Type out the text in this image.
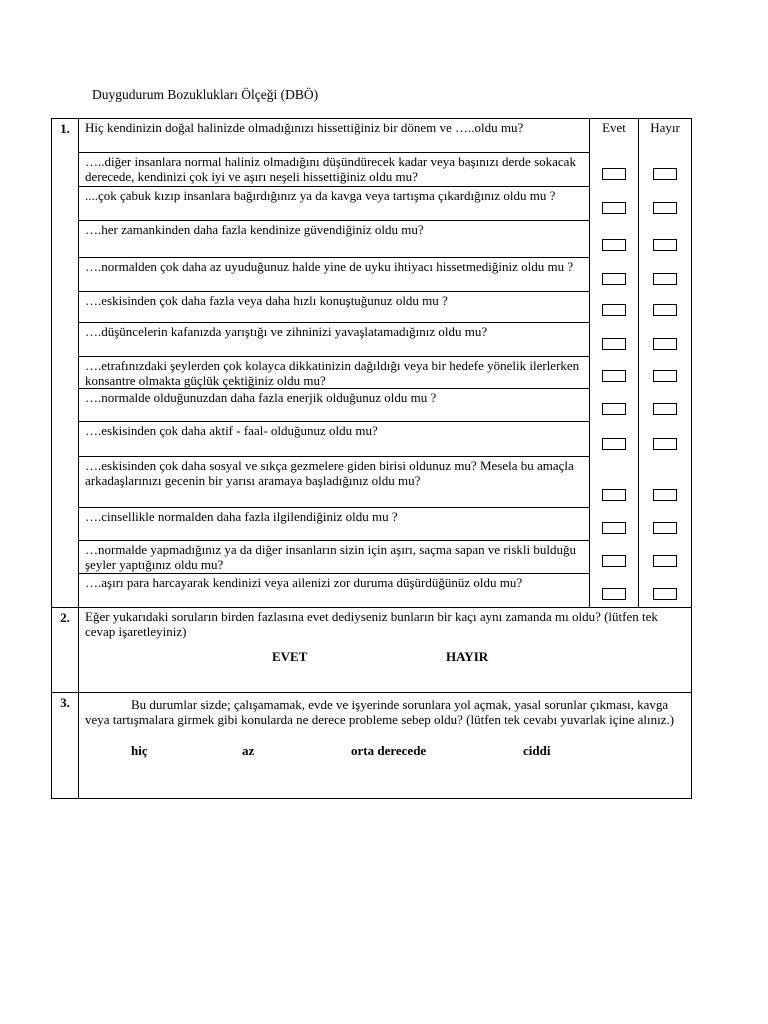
Duygudurum Bozuklukları Ölçeği (DBÖ)
1.	Hiç kendinizin doğal halinizde olmadığınızı hissettiğiniz bir dönem ve …..oldu mu?	Evet	Hayır
	…..diğer insanlara normal haliniz olmadığını düşündürecek kadar veya başınızı derde sokacak derecede, kendinizi çok iyi ve aşırı neşeli hissettiğiniz oldu mu?		
	....çok çabuk kızıp insanlara bağırdığınız ya da kavga veya tartışma çıkardığınız oldu mu ?		
	….her zamankinden daha fazla kendinize güvendiğiniz oldu mu?		
	….normalden çok daha az uyuduğunuz halde yine de uyku ihtiyacı hissetmediğiniz oldu mu ?		
	….eskisinden çok daha fazla veya daha hızlı konuştuğunuz oldu mu ?		
	….düşüncelerin kafanızda yarıştığı ve zihninizi yavaşlatamadığınız oldu mu?		
	….etrafınızdaki şeylerden çok kolayca dikkatinizin dağıldığı veya bir hedefe yönelik ilerlerken konsantre olmakta güçlük çektiğiniz oldu mu?		
	….normalde olduğunuzdan daha fazla enerjik olduğunuz oldu mu ?		
	….eskisinden çok daha aktif - faal- olduğunuz oldu mu?		
	….eskisinden çok daha sosyal ve sıkça gezmelere giden birisi oldunuz mu? Mesela bu amaçla arkadaşlarınızı gecenin bir yarısı aramaya başladığınız oldu mu?		
	….cinsellikle normalden daha fazla ilgilendiğiniz oldu mu ?		
	…normalde yapmadığınız ya da diğer insanların sizin için aşırı, saçma sapan ve riskli bulduğu şeyler yaptığınız oldu mu?		
	….aşırı para harcayarak kendinizi veya ailenizi zor duruma düşürdüğünüz oldu mu?		
2.	Eğer yukarıdaki soruların birden fazlasına evet dediyseniz bunların bir kaçı aynı zamanda mı oldu? (lütfen tek cevap işaretleyiniz)
EVET HAYIR		

3.	Bu durumlar sizde; çalışamamak, evde ve işyerinde sorunlara yol açmak, yasal sorunlar çıkması, kavga veya tartışmalara girmek gibi konularda ne derece probleme sebep oldu? (lütfen tek cevabı yuvarlak içine alınız.)
hiç az orta derecede ciddi		
